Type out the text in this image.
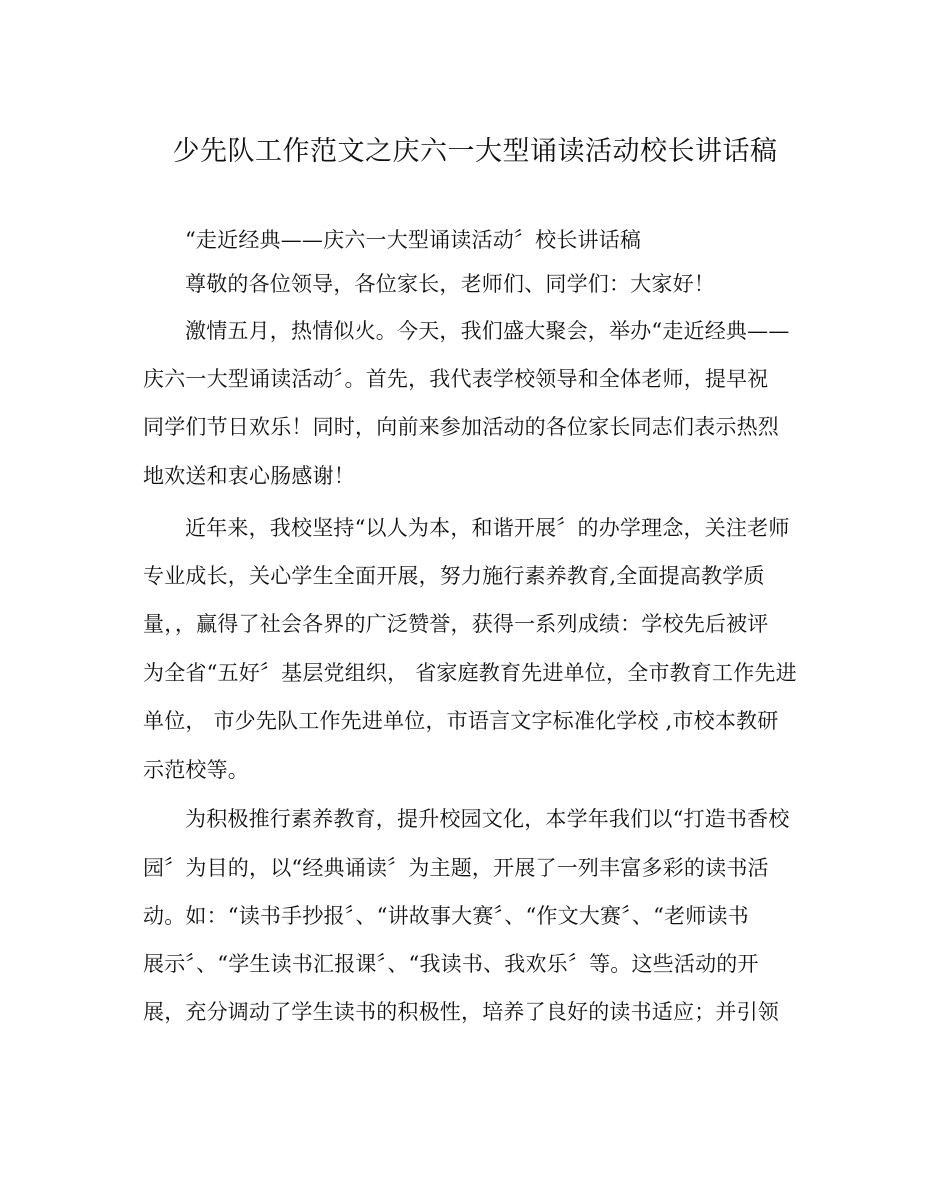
少先队工作范文之庆六一大型诵读活动校长讲话稿
“走近经典——庆六一大型诵读活动〞校长讲话稿
尊敬的各位领导，各位家长，老师们、同学们：大家好！
激情五月，热情似火。今天，我们盛大聚会，举办“走近经典——
庆六一大型诵读活动〞。首先，我代表学校领导和全体老师，提早祝
同学们节日欢乐！同时，向前来参加活动的各位家长同志们表示热烈
地欢送和衷心肠感谢！
近年来，我校坚持“以人为本，和谐开展〞的办学理念，关注老师
专业成长，关心学生全面开展，努力施行素养教育,全面提高教学质
量，，赢得了社会各界的广泛赞誉，获得一系列成绩：学校先后被评
为全省“五好〞基层党组织， 省家庭教育先进单位，全市教育工作先进
单位， 市少先队工作先进单位，市语言文字标准化学校 ,市校本教研
示范校等。
为积极推行素养教育，提升校园文化，本学年我们以“打造书香校
园〞为目的，以“经典诵读〞为主题，开展了一列丰富多彩的读书活
动。如：“读书手抄报〞、“讲故事大赛〞、“作文大赛〞、“老师读书
展示〞、“学生读书汇报课〞、“我读书、我欢乐〞等。这些活动的开
展，充分调动了学生读书的积极性，培养了良好的读书适应；并引领
